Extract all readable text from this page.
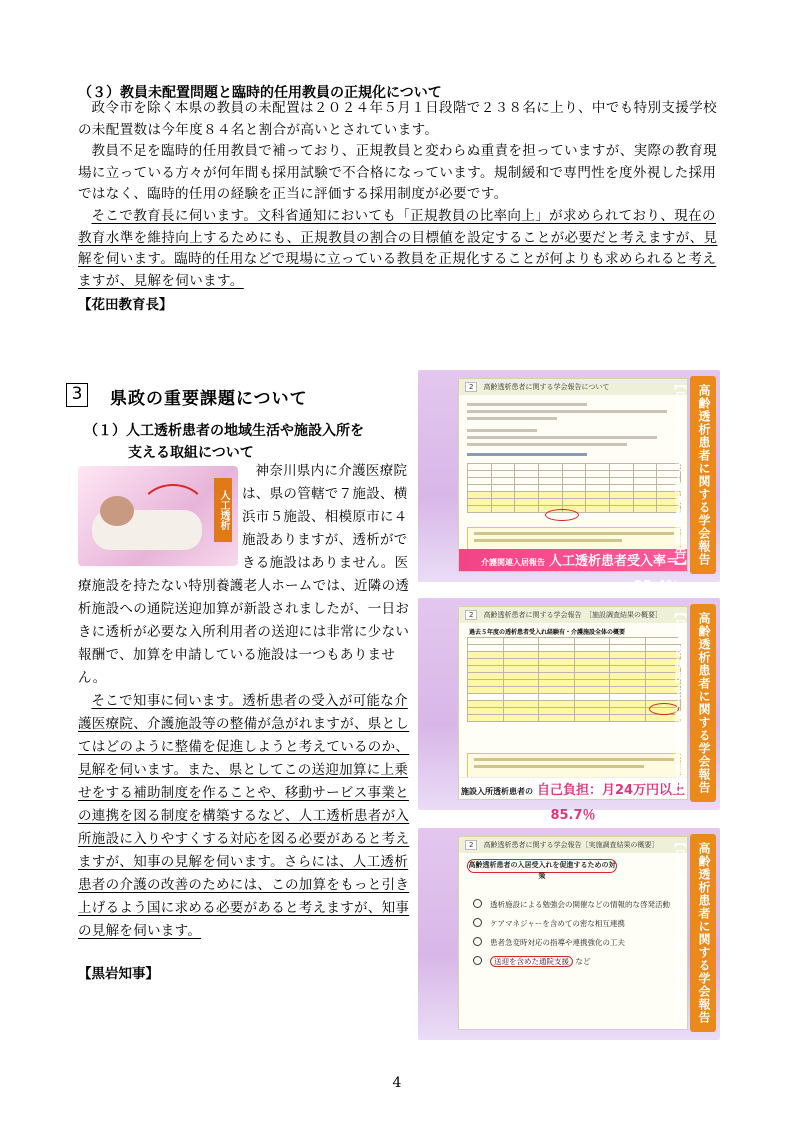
（３）教員未配置問題と臨時的任用教員の正規化について
政令市を除く本県の教員の未配置は２０２４年５月１日段階で２３８名に上り、中でも特別支援学校の未配置数は今年度８４名と割合が高いとされています。
教員不足を臨時的任用教員で補っており、正規教員と変わらぬ重責を担っていますが、実際の教育現場に立っている方々が何年間も採用試験で不合格になっています。規制緩和で専門性を度外視した採用ではなく、臨時的任用の経験を正当に評価する採用制度が必要です。
そこで教育長に伺います。文科省通知においても「正規教員の比率向上」が求められており、現在の教育水準を維持向上するためにも、正規教員の割合の目標値を設定することが必要だと考えますが、見解を伺います。臨時的任用などで現場に立っている教員を正規化することが何よりも求められると考えますが、見解を伺います。
【花田教育長】
3	県政の重要課題について
（１）人工透析患者の地域生活や施設入所を
支える取組について
人工透析
神奈川県内に介護医療院は、県の管轄で７施設、横浜市５施設、相模原市に４施設ありますが、透析ができる施設はありません。医療施設を持たない特別養護老人ホームでは、近隣の透析施設への通院送迎加算が新設されましたが、一日おきに透析が必要な入所利用者の送迎には非常に少ない報酬で、加算を申請している施設は一つもありません。
そこで知事に伺います。透析患者の受入が可能な介護医療院、介護施設等の整備が急がれますが、県としてはどのように整備を促進しようと考えているのか、見解を伺います。また、県としてこの送迎加算に上乗せをする補助制度を作ることや、移動サービス事業との連携を図る制度を構築するなど、人工透析患者が入所施設に入りやすくする対応を図る必要があると考えますが、知事の見解を伺います。さらには、人工透析患者の介護の改善のためには、この加算をもっと引き上げるよう国に求める必要があると考えますが、知事の見解を伺います。
【黒岩知事】

2 高齢透析患者に関する学会報告について

介護関連入居報告 人工透析患者受入率＝33.4％
高齢透析患者に関する学会報告【日本透析医会介護委員会報告】

2 高齢透析患者に関する学会報告　［施設調査結果の概要］
過去５年度の透析患者受入れ経験有・介護施設全体の概要

施設入所透析患者の 自己負担：月24万円以上85.7％
高齢透析患者に関する学会報告【日本透析医会介護委員会報告】

2 高齢透析患者に関する学会報告［実施調査結果の概要］
高齢透析患者の入居受入れを促進するための対策
透析施設による勉強会の開催などの情報的な啓発活動
ケアマネジャーを含めての密な相互連携
患者急変時対応の指導や連携強化の工夫
送迎を含めた通院支援 など	高齢透析患者に関する学会報告【日本透析医会介護委員会報告】
4
